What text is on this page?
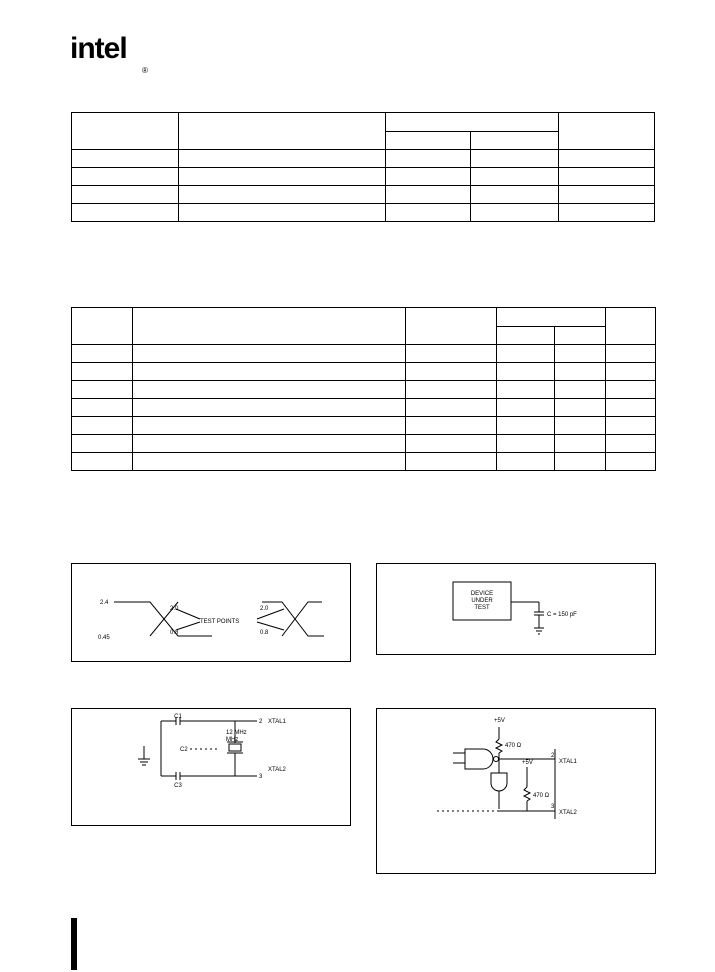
intel
®

2.4
0.45
2.0
0.8
2.0
0.8
TEST POINTS
DEVICE
UNDER
TEST
C = 150 pF
C1
C2
C3
12 MHz
MHz
2 XTAL1
3
XTAL2
+5V
+5V
470 Ω
470 Ω
2
XTAL1
3
XTAL2
